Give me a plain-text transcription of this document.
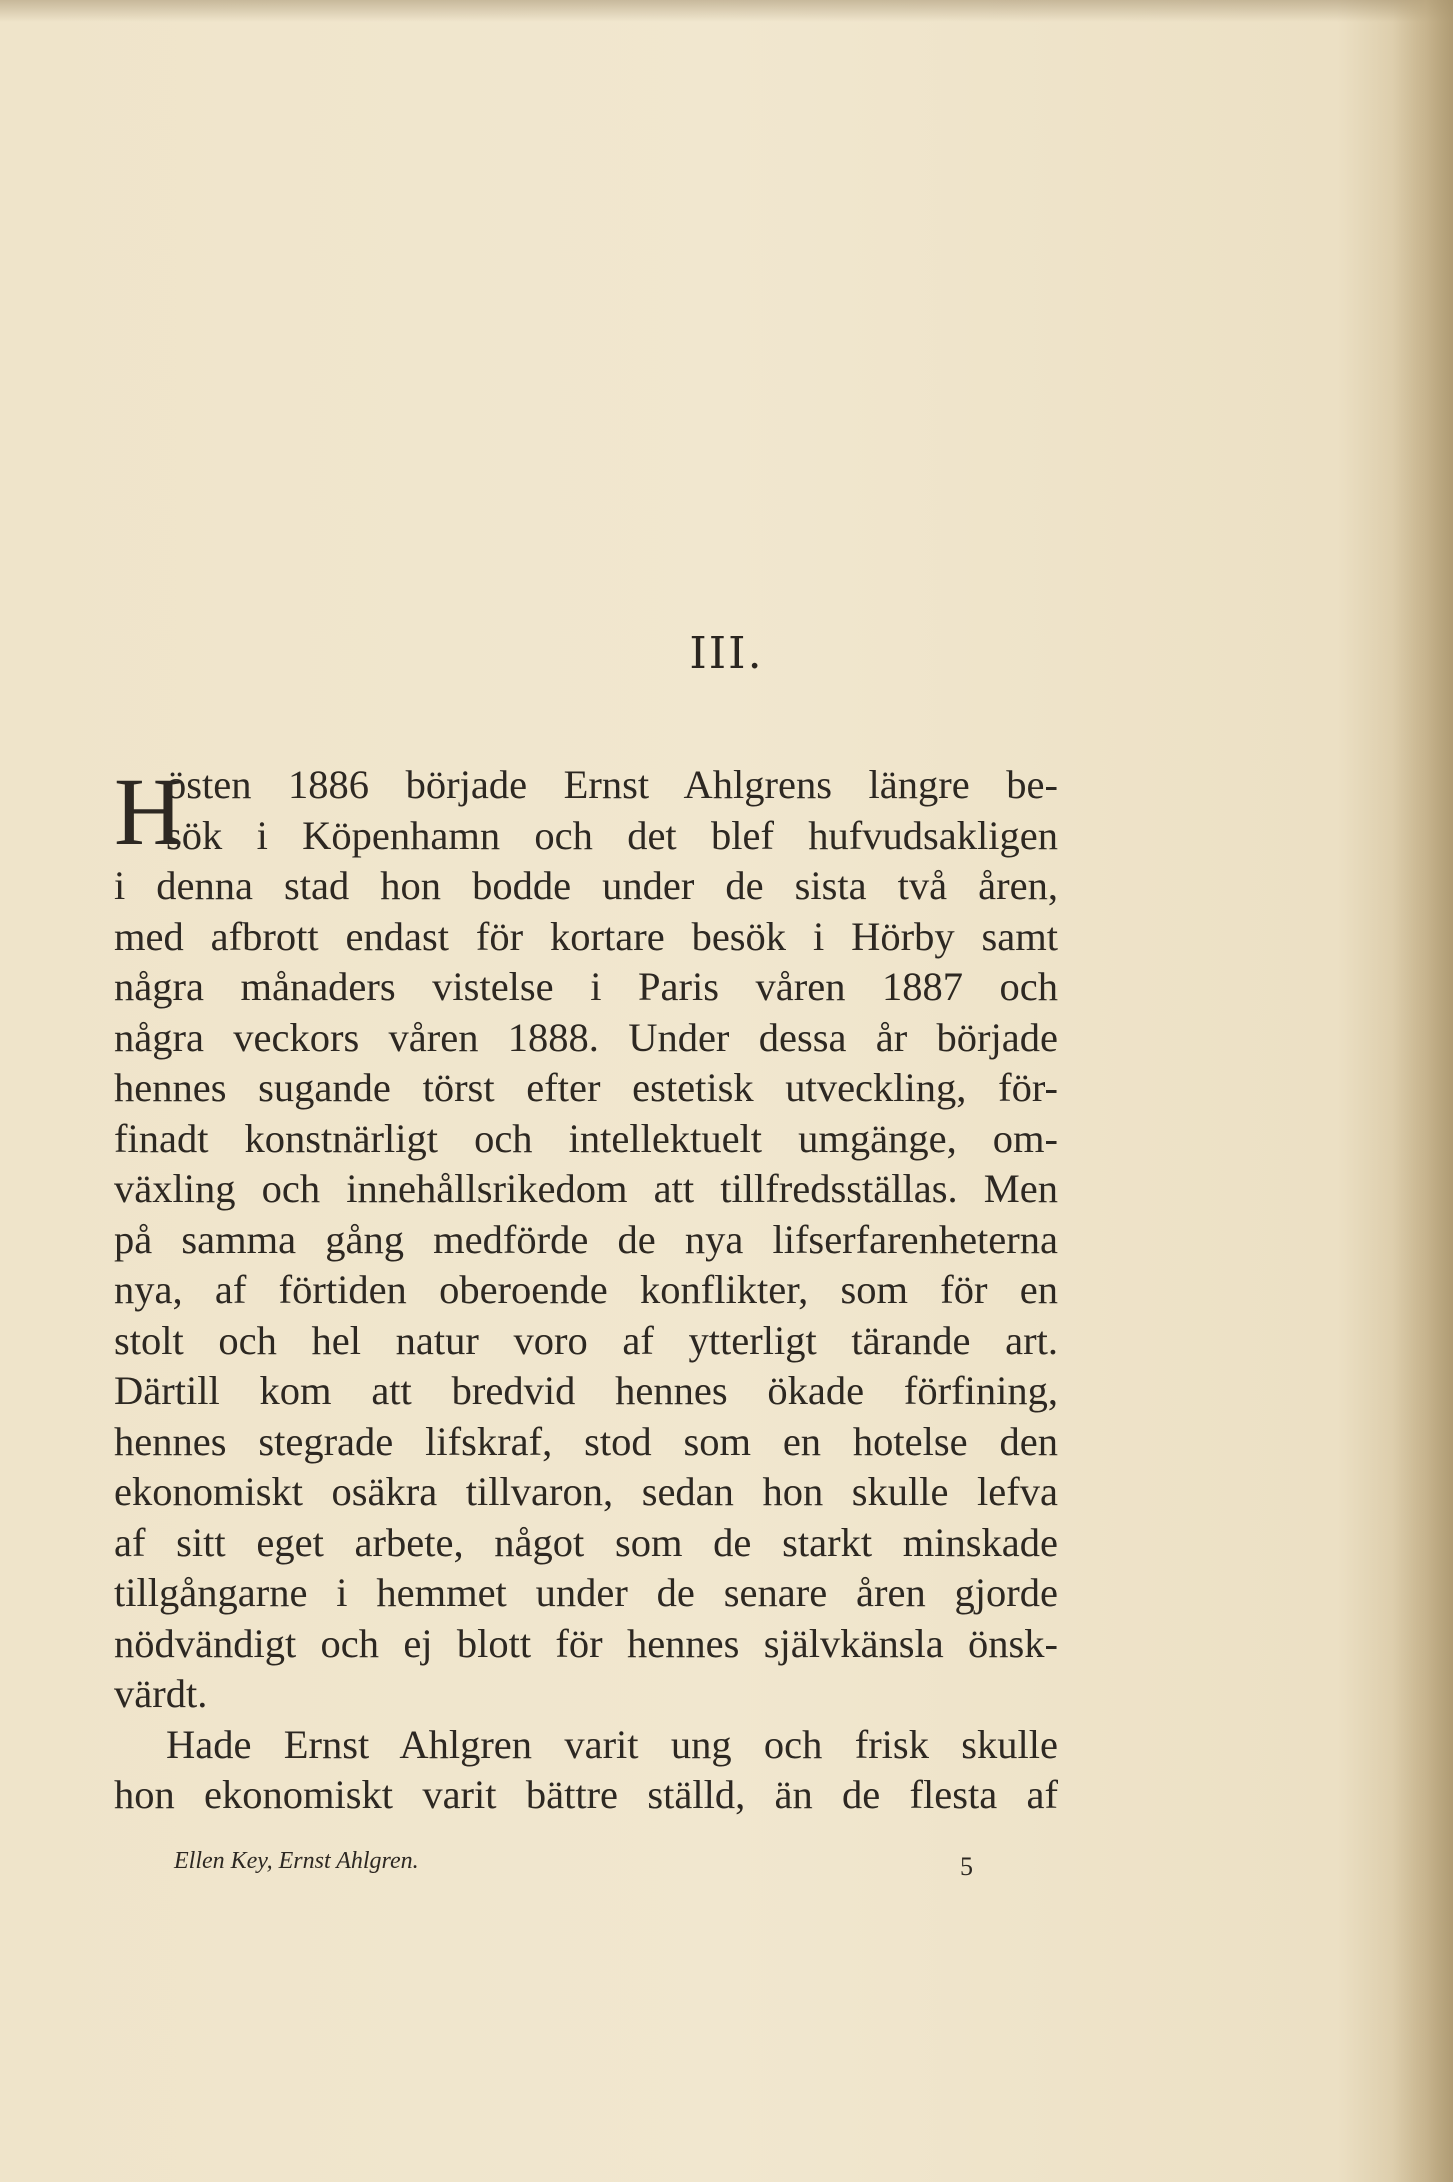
III.
H
östen 1886 började Ernst Ahlgrens längre be-
sök i Köpenhamn och det blef hufvudsakligen
i denna stad hon bodde under de sista två åren,
med afbrott endast för kortare besök i Hörby samt
några månaders vistelse i Paris våren 1887 och
några veckors våren 1888. Under dessa år började
hennes sugande törst efter estetisk utveckling, för-
finadt konstnärligt och intellektuelt umgänge, om-
växling och innehållsrikedom att tillfredsställas. Men
på samma gång medförde de nya lifserfarenheterna
nya, af förtiden oberoende konflikter, som för en
stolt och hel natur voro af ytterligt tärande art.
Därtill kom att bredvid hennes ökade förfining,
hennes stegrade lifskraf, stod som en hotelse den
ekonomiskt osäkra tillvaron, sedan hon skulle lefva
af sitt eget arbete, något som de starkt minskade
tillgångarne i hemmet under de senare åren gjorde
nödvändigt och ej blott för hennes självkänsla önsk-
värdt.
Hade Ernst Ahlgren varit ung och frisk skulle
hon ekonomiskt varit bättre ställd, än de flesta af
Ellen Key, Ernst Ahlgren.	5
